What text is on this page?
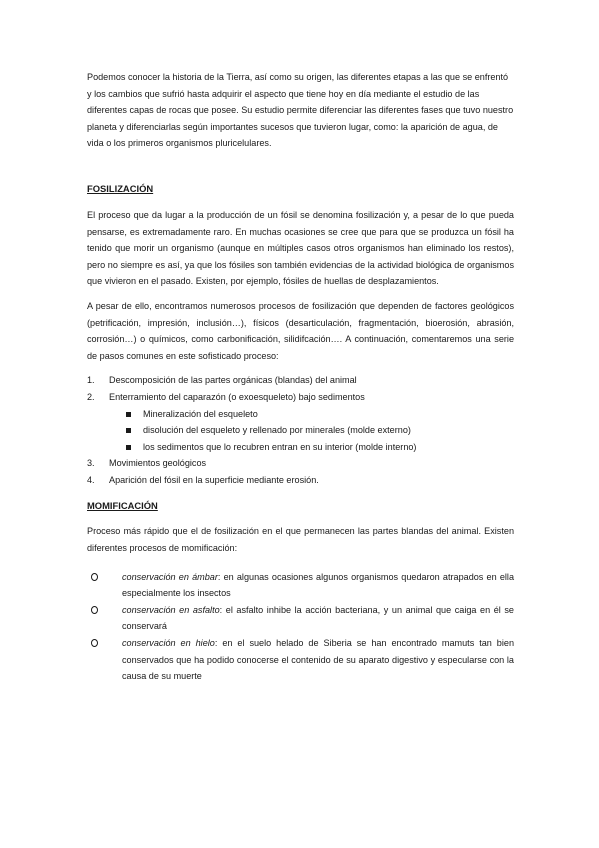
Podemos conocer la historia de la Tierra, así como su origen, las diferentes etapas a las que se enfrentó y los cambios que sufrió hasta adquirir el aspecto que tiene hoy en día mediante el estudio de las diferentes capas de rocas que posee. Su estudio permite diferenciar las diferentes fases que tuvo nuestro planeta y diferenciarlas según importantes sucesos que tuvieron lugar, como: la aparición de agua, de vida o los primeros organismos pluricelulares.

FOSILIZACIÓN

El proceso que da lugar a la producción de un fósil se denomina fosilización y, a pesar de lo que pueda pensarse, es extremadamente raro. En muchas ocasiones se cree que para que se produzca un fósil ha tenido que morir un organismo (aunque en múltiples casos otros organismos han eliminado los restos), pero no siempre es así, ya que los fósiles son también evidencias de la actividad biológica de organismos que vivieron en el pasado. Existen, por ejemplo, fósiles de huellas de desplazamientos.

A pesar de ello, encontramos numerosos procesos de fosilización que dependen de factores geológicos (petrificación, impresión, inclusión…), físicos (desarticulación, fragmentación, bioerosión, abrasión, corrosión…) o químicos, como carbonificación, silidifcación…. A continuación, comentaremos una serie de pasos comunes en este sofisticado proceso:

1. Descomposición de las partes orgánicas (blandas) del animal
2. Enterramiento del caparazón (o exoesqueleto) bajo sedimentos
Mineralización del esqueleto
disolución del esqueleto y rellenado por minerales (molde externo)
los sedimentos que lo recubren entran en su interior (molde interno)
3. Movimientos geológicos
4. Aparición del fósil en la superficie mediante erosión.
MOMIFICACIÓN

Proceso más rápido que el de fosilización en el que permanecen las partes blandas del animal. Existen diferentes procesos de momificación:

conservación en ámbar: en algunas ocasiones algunos organismos quedaron atrapados en ella especialmente los insectos

conservación en asfalto: el asfalto inhibe la acción bacteriana, y un animal que caiga en él se conservará

conservación en hielo: en el suelo helado de Siberia se han encontrado mamuts tan bien conservados que ha podido conocerse el contenido de su aparato digestivo y especularse con la causa de su muerte
